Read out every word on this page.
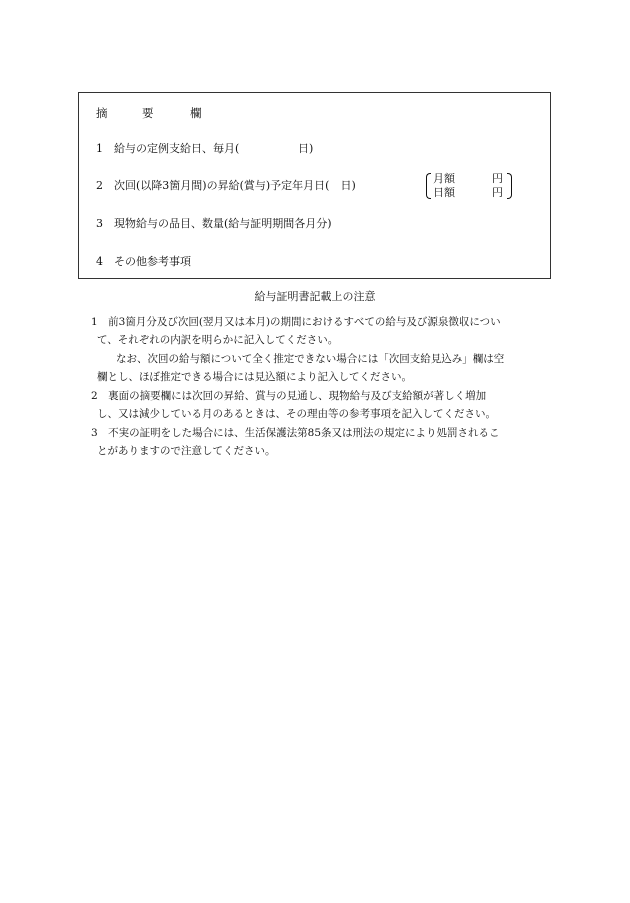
摘	要	欄
1 給与の定例支給日、毎月(	日)
2 次回(以降3箇月間)の昇給(賞与)予定年月日(　日)
月額	円
日額	円
3 現物給与の品目、数量(給与証明期間各月分)
4 その他参考事項
給与証明書記載上の注意
1　前3箇月分及び次回(翌月又は本月)の期間におけるすべての給与及び源泉徴収につい
て、それぞれの内訳を明らかに記入してください。
なお、次回の給与額について全く推定できない場合には「次回支給見込み」欄は空
欄とし、ほぼ推定できる場合には見込額により記入してください。
2　裏面の摘要欄には次回の昇給、賞与の見通し、現物給与及び支給額が著しく増加
し、又は減少している月のあるときは、その理由等の参考事項を記入してください。
3　不実の証明をした場合には、生活保護法第85条又は刑法の規定により処罰されるこ
とがありますので注意してください。
